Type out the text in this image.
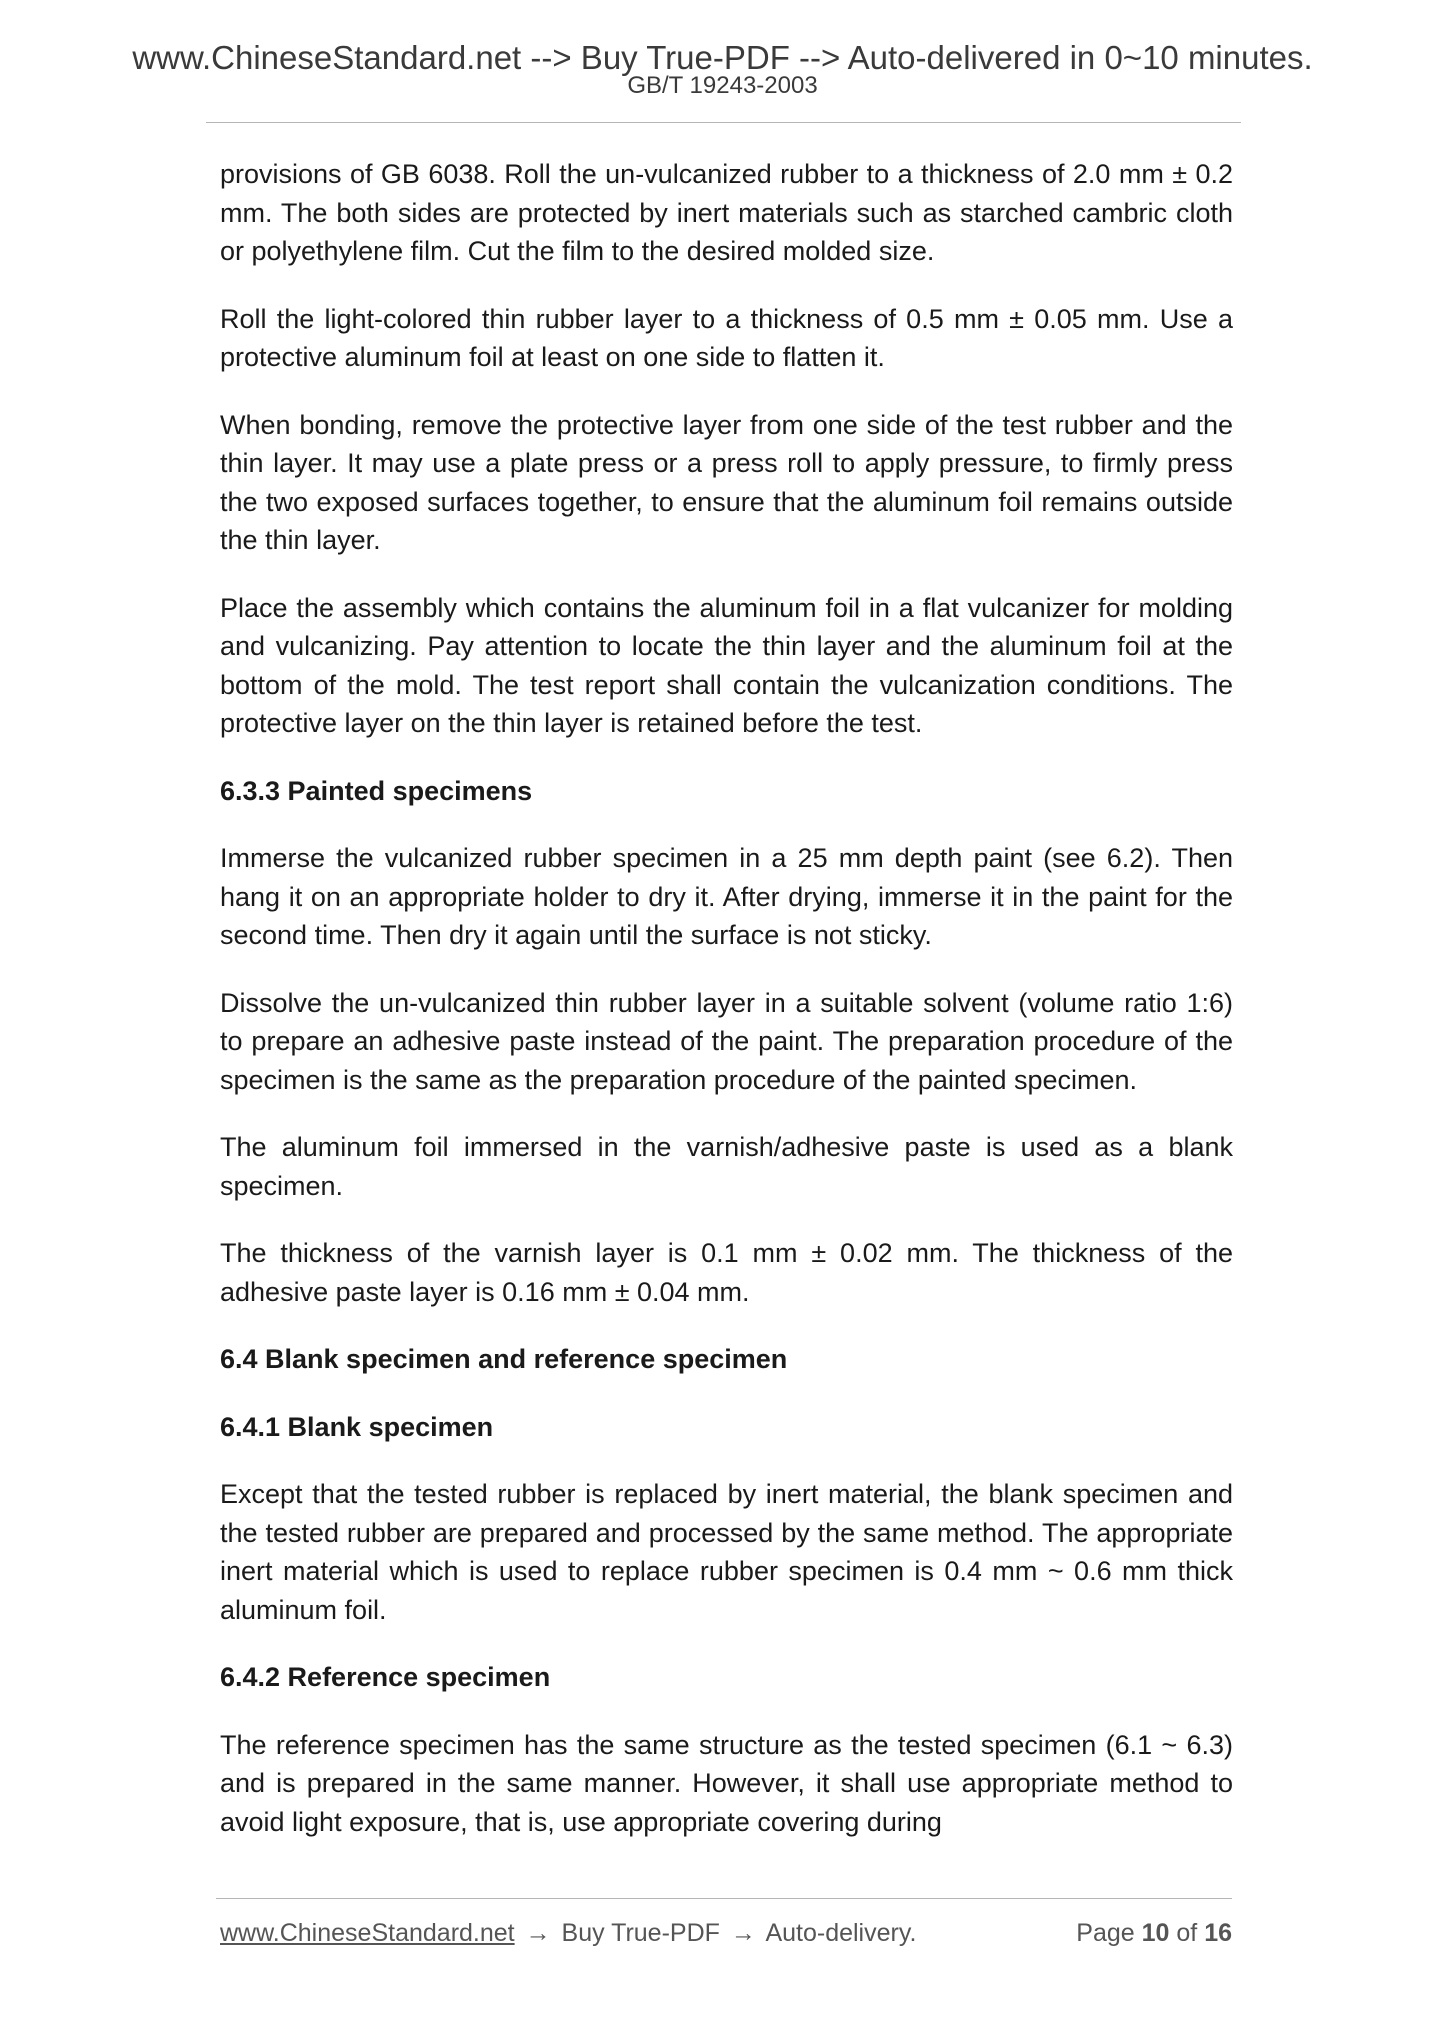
www.ChineseStandard.net --> Buy True-PDF --> Auto-delivered in 0~10 minutes.
GB/T 19243-2003

provisions of GB 6038. Roll the un-vulcanized rubber to a thickness of 2.0 mm ± 0.2 mm. The both sides are protected by inert materials such as starched cambric cloth or polyethylene film. Cut the film to the desired molded size.

Roll the light-colored thin rubber layer to a thickness of 0.5 mm ± 0.05 mm. Use a protective aluminum foil at least on one side to flatten it.

When bonding, remove the protective layer from one side of the test rubber and the thin layer. It may use a plate press or a press roll to apply pressure, to firmly press the two exposed surfaces together, to ensure that the aluminum foil remains outside the thin layer.

Place the assembly which contains the aluminum foil in a flat vulcanizer for molding and vulcanizing. Pay attention to locate the thin layer and the aluminum foil at the bottom of the mold. The test report shall contain the vulcanization conditions. The protective layer on the thin layer is retained before the test.

6.3.3 Painted specimens

Immerse the vulcanized rubber specimen in a 25 mm depth paint (see 6.2). Then hang it on an appropriate holder to dry it. After drying, immerse it in the paint for the second time. Then dry it again until the surface is not sticky.

Dissolve the un-vulcanized thin rubber layer in a suitable solvent (volume ratio 1:6) to prepare an adhesive paste instead of the paint. The preparation procedure of the specimen is the same as the preparation procedure of the painted specimen.

The aluminum foil immersed in the varnish/adhesive paste is used as a blank specimen.

The thickness of the varnish layer is 0.1 mm ± 0.02 mm. The thickness of the adhesive paste layer is 0.16 mm ± 0.04 mm.

6.4 Blank specimen and reference specimen
6.4.1 Blank specimen

Except that the tested rubber is replaced by inert material, the blank specimen and the tested rubber are prepared and processed by the same method. The appropriate inert material which is used to replace rubber specimen is 0.4 mm ~ 0.6 mm thick aluminum foil.

6.4.2 Reference specimen

The reference specimen has the same structure as the tested specimen (6.1 ~ 6.3) and is prepared in the same manner. However, it shall use appropriate method to avoid light exposure, that is, use appropriate covering during

www.ChineseStandard.net → Buy True-PDF → Auto-delivery.	Page 10 of 16
